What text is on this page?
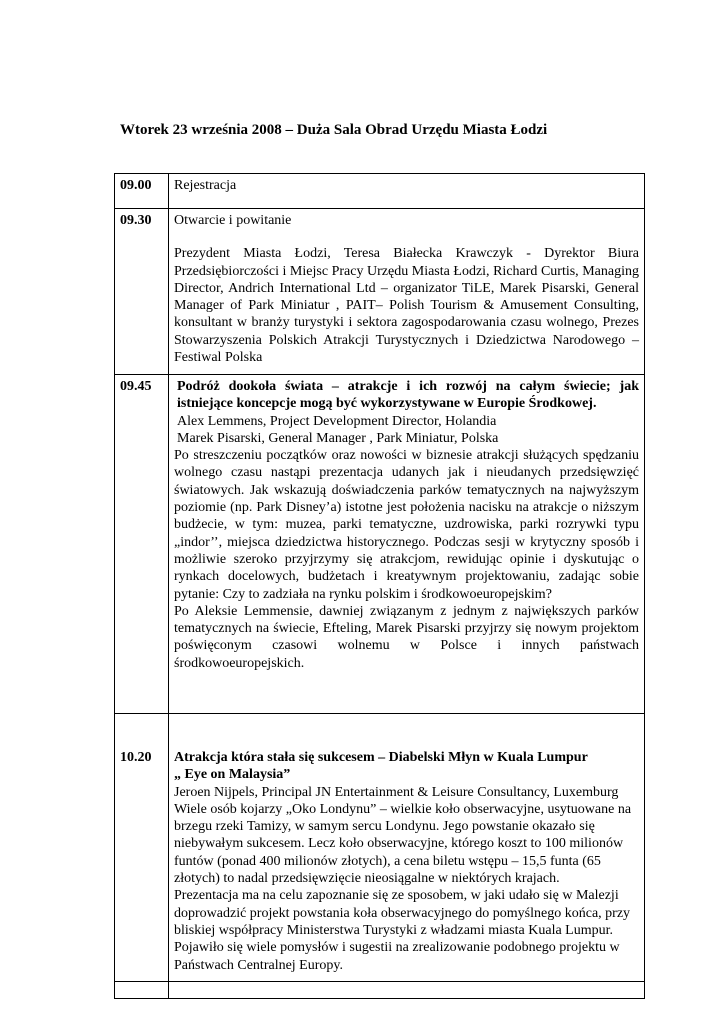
Wtorek 23 września 2008 – Duża Sala Obrad Urzędu Miasta Łodzi
09.00	Rejestracja

09.30	Otwarcie i powitanie

Prezydent Miasta Łodzi, Teresa Białecka Krawczyk - Dyrektor Biura Przedsiębiorczości i Miejsc Pracy Urzędu Miasta Łodzi, Richard Curtis, Managing Director, Andrich International Ltd – organizator TiLE, Marek Pisarski, General Manager of Park Miniatur , PAIT– Polish Tourism & Amusement Consulting, konsultant w branży turystyki i sektora zagospodarowania czasu wolnego, Prezes Stowarzyszenia Polskich Atrakcji Turystycznych i Dziedzictwa Narodowego – Festiwal Polska

09.45	Podróż dookoła świata – atrakcje i ich rozwój na całym świecie; jak istniejące koncepcje mogą być wykorzystywane w Europie Środkowej.

Alex Lemmens, Project Development Director, Holandia

Marek Pisarski, General Manager , Park Miniatur, Polska

Po streszczeniu początków oraz nowości w biznesie atrakcji służących spędzaniu wolnego czasu nastąpi prezentacja udanych jak i nieudanych przedsięwzięć światowych. Jak wskazują doświadczenia parków tematycznych na najwyższym poziomie (np. Park Disney’a) istotne jest położenia nacisku na atrakcje o niższym budżecie, w tym: muzea, parki tematyczne, uzdrowiska, parki rozrywki typu „indor’’, miejsca dziedzictwa historycznego. Podczas sesji w krytyczny sposób i możliwie szeroko przyjrzymy się atrakcjom, rewidując opinie i dyskutując o rynkach docelowych, budżetach i kreatywnym projektowaniu, zadając sobie pytanie: Czy to zadziała na rynku polskim i środkowoeuropejskim?

Po Aleksie Lemmensie, dawniej związanym z jednym z największych parków tematycznych na świecie, Efteling, Marek Pisarski przyjrzy się nowym projektom poświęconym czasowi wolnemu w Polsce i innych państwach środkowoeuropejskich.

10.20	Atrakcja która stała się sukcesem – Diabelski Młyn w Kuala Lumpur

„ Eye on Malaysia”

Jeroen Nijpels, Principal JN Entertainment & Leisure Consultancy, Luxemburg

Wiele osób kojarzy „Oko Londynu” – wielkie koło obserwacyjne, usytuowane na brzegu rzeki Tamizy, w samym sercu Londynu. Jego powstanie okazało się niebywałym sukcesem. Lecz koło obserwacyjne, którego koszt to 100 milionów funtów (ponad 400 milionów złotych), a cena biletu wstępu – 15,5 funta (65 złotych) to nadal przedsięwzięcie nieosiągalne w niektórych krajach.

Prezentacja ma na celu zapoznanie się ze sposobem, w jaki udało się w Malezji doprowadzić projekt powstania koła obserwacyjnego do pomyślnego końca, przy bliskiej współpracy Ministerstwa Turystyki z władzami miasta Kuala Lumpur. Pojawiło się wiele pomysłów i sugestii na zrealizowanie podobnego projektu w Państwach Centralnej Europy.
